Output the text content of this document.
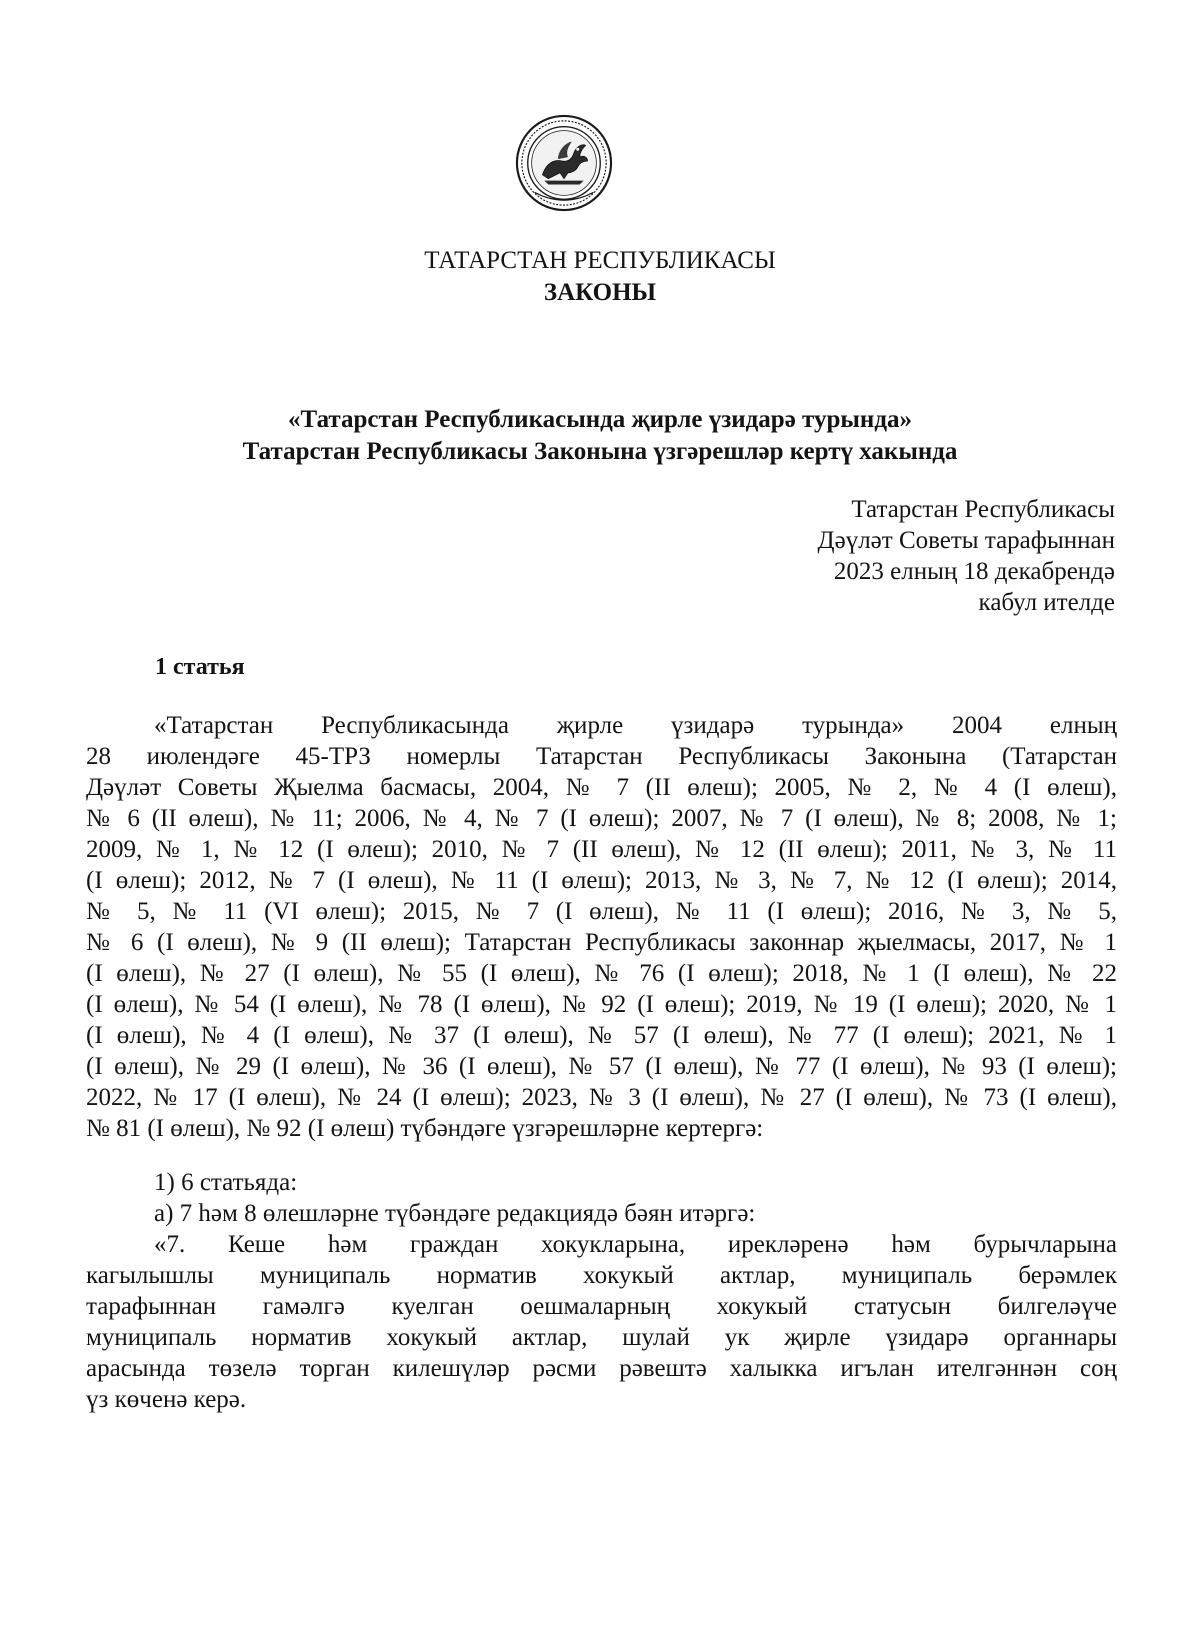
ТАТАРСТАН РЕСПУБЛИКАСЫ
ЗАКОНЫ
«Татарстан Республикасында җирле үзидарә турында»
Татарстан Республикасы Законына үзгәрешләр кертү хакында
Татарстан Республикасы
Дәүләт Советы тарафыннан
2023 елның 18 декабрендә
кабул ителде
1 статья
«Татарстан Республикасында җирле үзидарә турында» 2004 елның
28 июлендәге 45-ТРЗ номерлы Татарстан Республикасы Законына (Татарстан
Дәүләт Советы Җыелма басмасы, 2004, № 7 (II өлеш); 2005, № 2, № 4 (I өлеш),
№ 6 (II өлеш), № 11; 2006, № 4, № 7 (I өлеш); 2007, № 7 (I өлеш), № 8; 2008, № 1;
2009, № 1, № 12 (I өлеш); 2010, № 7 (II өлеш), № 12 (II өлеш); 2011, № 3, № 11
(I өлеш); 2012, № 7 (I өлеш), № 11 (I өлеш); 2013, № 3, № 7, № 12 (I өлеш); 2014,
№ 5, № 11 (VI өлеш); 2015, № 7 (I өлеш), № 11 (I өлеш); 2016, № 3, № 5,
№ 6 (I өлеш), № 9 (II өлеш); Татарстан Республикасы законнар җыелмасы, 2017, № 1
(I өлеш), № 27 (I өлеш), № 55 (I өлеш), № 76 (I өлеш); 2018, № 1 (I өлеш), № 22
(I өлеш), № 54 (I өлеш), № 78 (I өлеш), № 92 (I өлеш); 2019, № 19 (I өлеш); 2020, № 1
(I өлеш), № 4 (I өлеш), № 37 (I өлеш), № 57 (I өлеш), № 77 (I өлеш); 2021, № 1
(I өлеш), № 29 (I өлеш), № 36 (I өлеш), № 57 (I өлеш), № 77 (I өлеш), № 93 (I өлеш);
2022, № 17 (I өлеш), № 24 (I өлеш); 2023, № 3 (I өлеш), № 27 (I өлеш), № 73 (I өлеш),
№ 81 (I өлеш), № 92 (I өлеш) түбәндәге үзгәрешләрне кертергә:
1) 6 статьяда:
а) 7 һәм 8 өлешләрне түбәндәге редакциядә бәян итәргә:
«7. Кеше һәм граждан хокукларына, ирекләренә һәм бурычларына
кагылышлы муниципаль норматив хокукый актлар, муниципаль берәмлек
тарафыннан гамәлгә куелган оешмаларның хокукый статусын билгеләүче
муниципаль норматив хокукый актлар, шулай ук җирле үзидарә органнары
арасында төзелә торган килешүләр рәсми рәвештә халыкка игълан ителгәннән соң
үз көченә керә.
